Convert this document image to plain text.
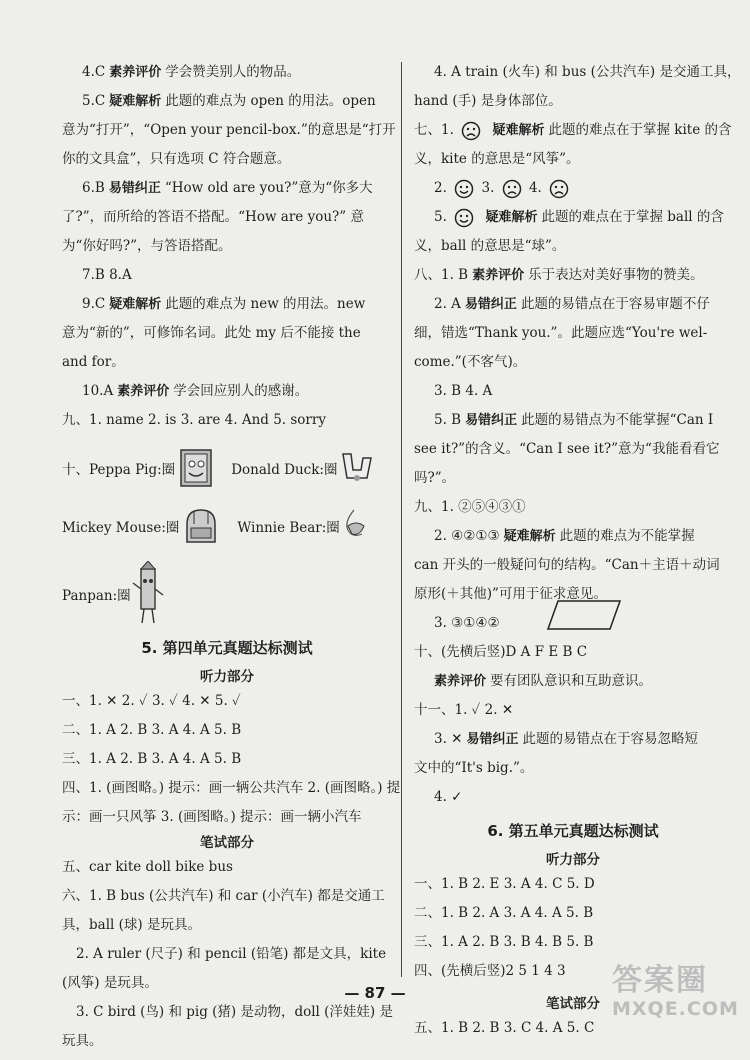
4.C 素养评价 学会赞美别人的物品。
5.C 疑难解析 此题的难点为 open 的用法。open
意为“打开”，“Open your pencil-box.”的意思是“打开
你的文具盒”，只有选项 C 符合题意。
6.B 易错纠正 “How old are you?”意为“你多大
了?”，而所给的答语不搭配。“How are you?” 意
为“你好吗?”，与答语搭配。
7.B 8.A
9.C 疑难解析 此题的难点为 new 的用法。new
意为“新的”，可修饰名词。此处 my 后不能接 the
and for。
10.A 素养评价 学会回应别人的感谢。
九、1. name 2. is 3. are 4. And 5. sorry
十、Peppa Pig:圈	Donald Duck:圈
Mickey Mouse:圈	Winnie Bear:圈
Panpan:圈
5. 第四单元真题达标测试
听力部分
一、1. ✕ 2. ✓ 3. ✓ 4. ✕ 5. ✓
二、1. A 2. B 3. A 4. A 5. B
三、1. A 2. B 3. A 4. A 5. B
四、1. (画图略。) 提示：画一辆公共汽车 2. (画图略。) 提
示：画一只风筝 3. (画图略。) 提示：画一辆小汽车
笔试部分
五、car kite doll bike bus
六、1. B bus (公共汽车) 和 car (小汽车) 都是交通工
具，ball (球) 是玩具。
2. A ruler (尺子) 和 pencil (铅笔) 都是文具，kite
(风筝) 是玩具。
3. C bird (鸟) 和 pig (猪) 是动物，doll (洋娃娃) 是
玩具。
4. A train (火车) 和 bus (公共汽车) 是交通工具，
hand (手) 是身体部位。
七、1.	疑难解析 此题的难点在于掌握 kite 的含
义，kite 的意思是“风筝”。
2.	3.	4.
5.	疑难解析 此题的难点在于掌握 ball 的含
义，ball 的意思是“球”。
八、1. B 素养评价 乐于表达对美好事物的赞美。
2. A 易错纠正 此题的易错点在于容易审题不仔
细，错选“Thank you.”。此题应选“You're wel-
come.”(不客气)。
3. B 4. A
5. B 易错纠正 此题的易错点为不能掌握“Can I
see it?”的含义。“Can I see it?”意为“我能看看它
吗?”。
九、1. ②⑤④③①
2. ④②①③ 疑难解析 此题的难点为不能掌握
can 开头的一般疑问句的结构。“Can＋主语＋动词
原形(＋其他)”可用于征求意见。
3. ③①④②
十、(先横后竖)D A F E B C
素养评价 要有团队意识和互助意识。
十一、1. ✓ 2. ✕
3. ✕ 易错纠正 此题的易错点在于容易忽略短
文中的“It's big.”。
4. ✓
6. 第五单元真题达标测试
听力部分
一、1. B 2. E 3. A 4. C 5. D
二、1. B 2. A 3. A 4. A 5. B
三、1. A 2. B 3. B 4. B 5. B
四、(先横后竖)2 5 1 4 3
笔试部分
五、1. B 2. B 3. C 4. A 5. C
— 87 —	答案圈
MXQE.COM
